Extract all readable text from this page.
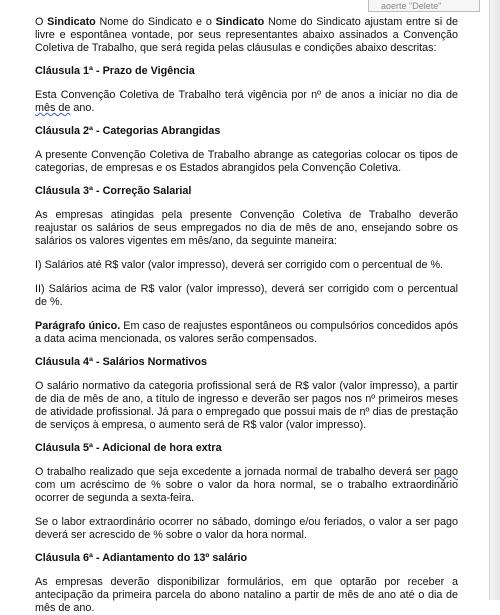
aoerte "Delete"

O Sindicato Nome do Sindicato e o Sindicato Nome do Sindicato ajustam entre si de livre e espontânea vontade, por seus representantes abaixo assinados a Convenção Coletiva de Trabalho, que será regida pelas cláusulas e condições abaixo descritas:

Cláusula 1ª - Prazo de Vigência

Esta Convenção Coletiva de Trabalho terá vigência por nº de anos a iniciar no dia de mês de ano.

Cláusula 2ª - Categorias Abrangidas

A presente Convenção Coletiva de Trabalho abrange as categorias colocar os tipos de categorias, de empresas e os Estados abrangidos pela Convenção Coletiva.

Cláusula 3ª - Correção Salarial

As empresas atingidas pela presente Convenção Coletiva de Trabalho deverão reajustar os salários de seus empregados no dia de mês de ano, ensejando sobre os salários os valores vigentes em mês/ano, da seguinte maneira:

I) Salários até R$ valor (valor impresso), deverá ser corrigido com o percentual de %.

II) Salários acima de R$ valor (valor impresso), deverá ser corrigido com o percentual de %.

Parágrafo único. Em caso de reajustes espontâneos ou compulsórios concedidos após a data acima mencionada, os valores serão compensados.

Cláusula 4ª - Salários Normativos

O salário normativo da categoria profissional será de R$ valor (valor impresso), a partir de dia de mês de ano, a título de ingresso e deverão ser pagos nos nº primeiros meses de atividade profissional. Já para o empregado que possui mais de nº dias de prestação de serviços à empresa, o aumento será de R$ valor (valor impresso).

Cláusula 5ª - Adicional de hora extra

O trabalho realizado que seja excedente a jornada normal de trabalho deverá ser pago com um acréscimo de % sobre o valor da hora normal, se o trabalho extraordinário ocorrer de segunda a sexta-feira.

Se o labor extraordinário ocorrer no sábado, domingo e/ou feriados, o valor a ser pago deverá ser acrescido de % sobre o valor da hora normal.

Cláusula 6ª - Adiantamento do 13º salário

As empresas deverão disponibilizar formulários, em que optarão por receber a antecipação da primeira parcela do abono natalino a partir de mês de ano até o dia de mês de ano.
